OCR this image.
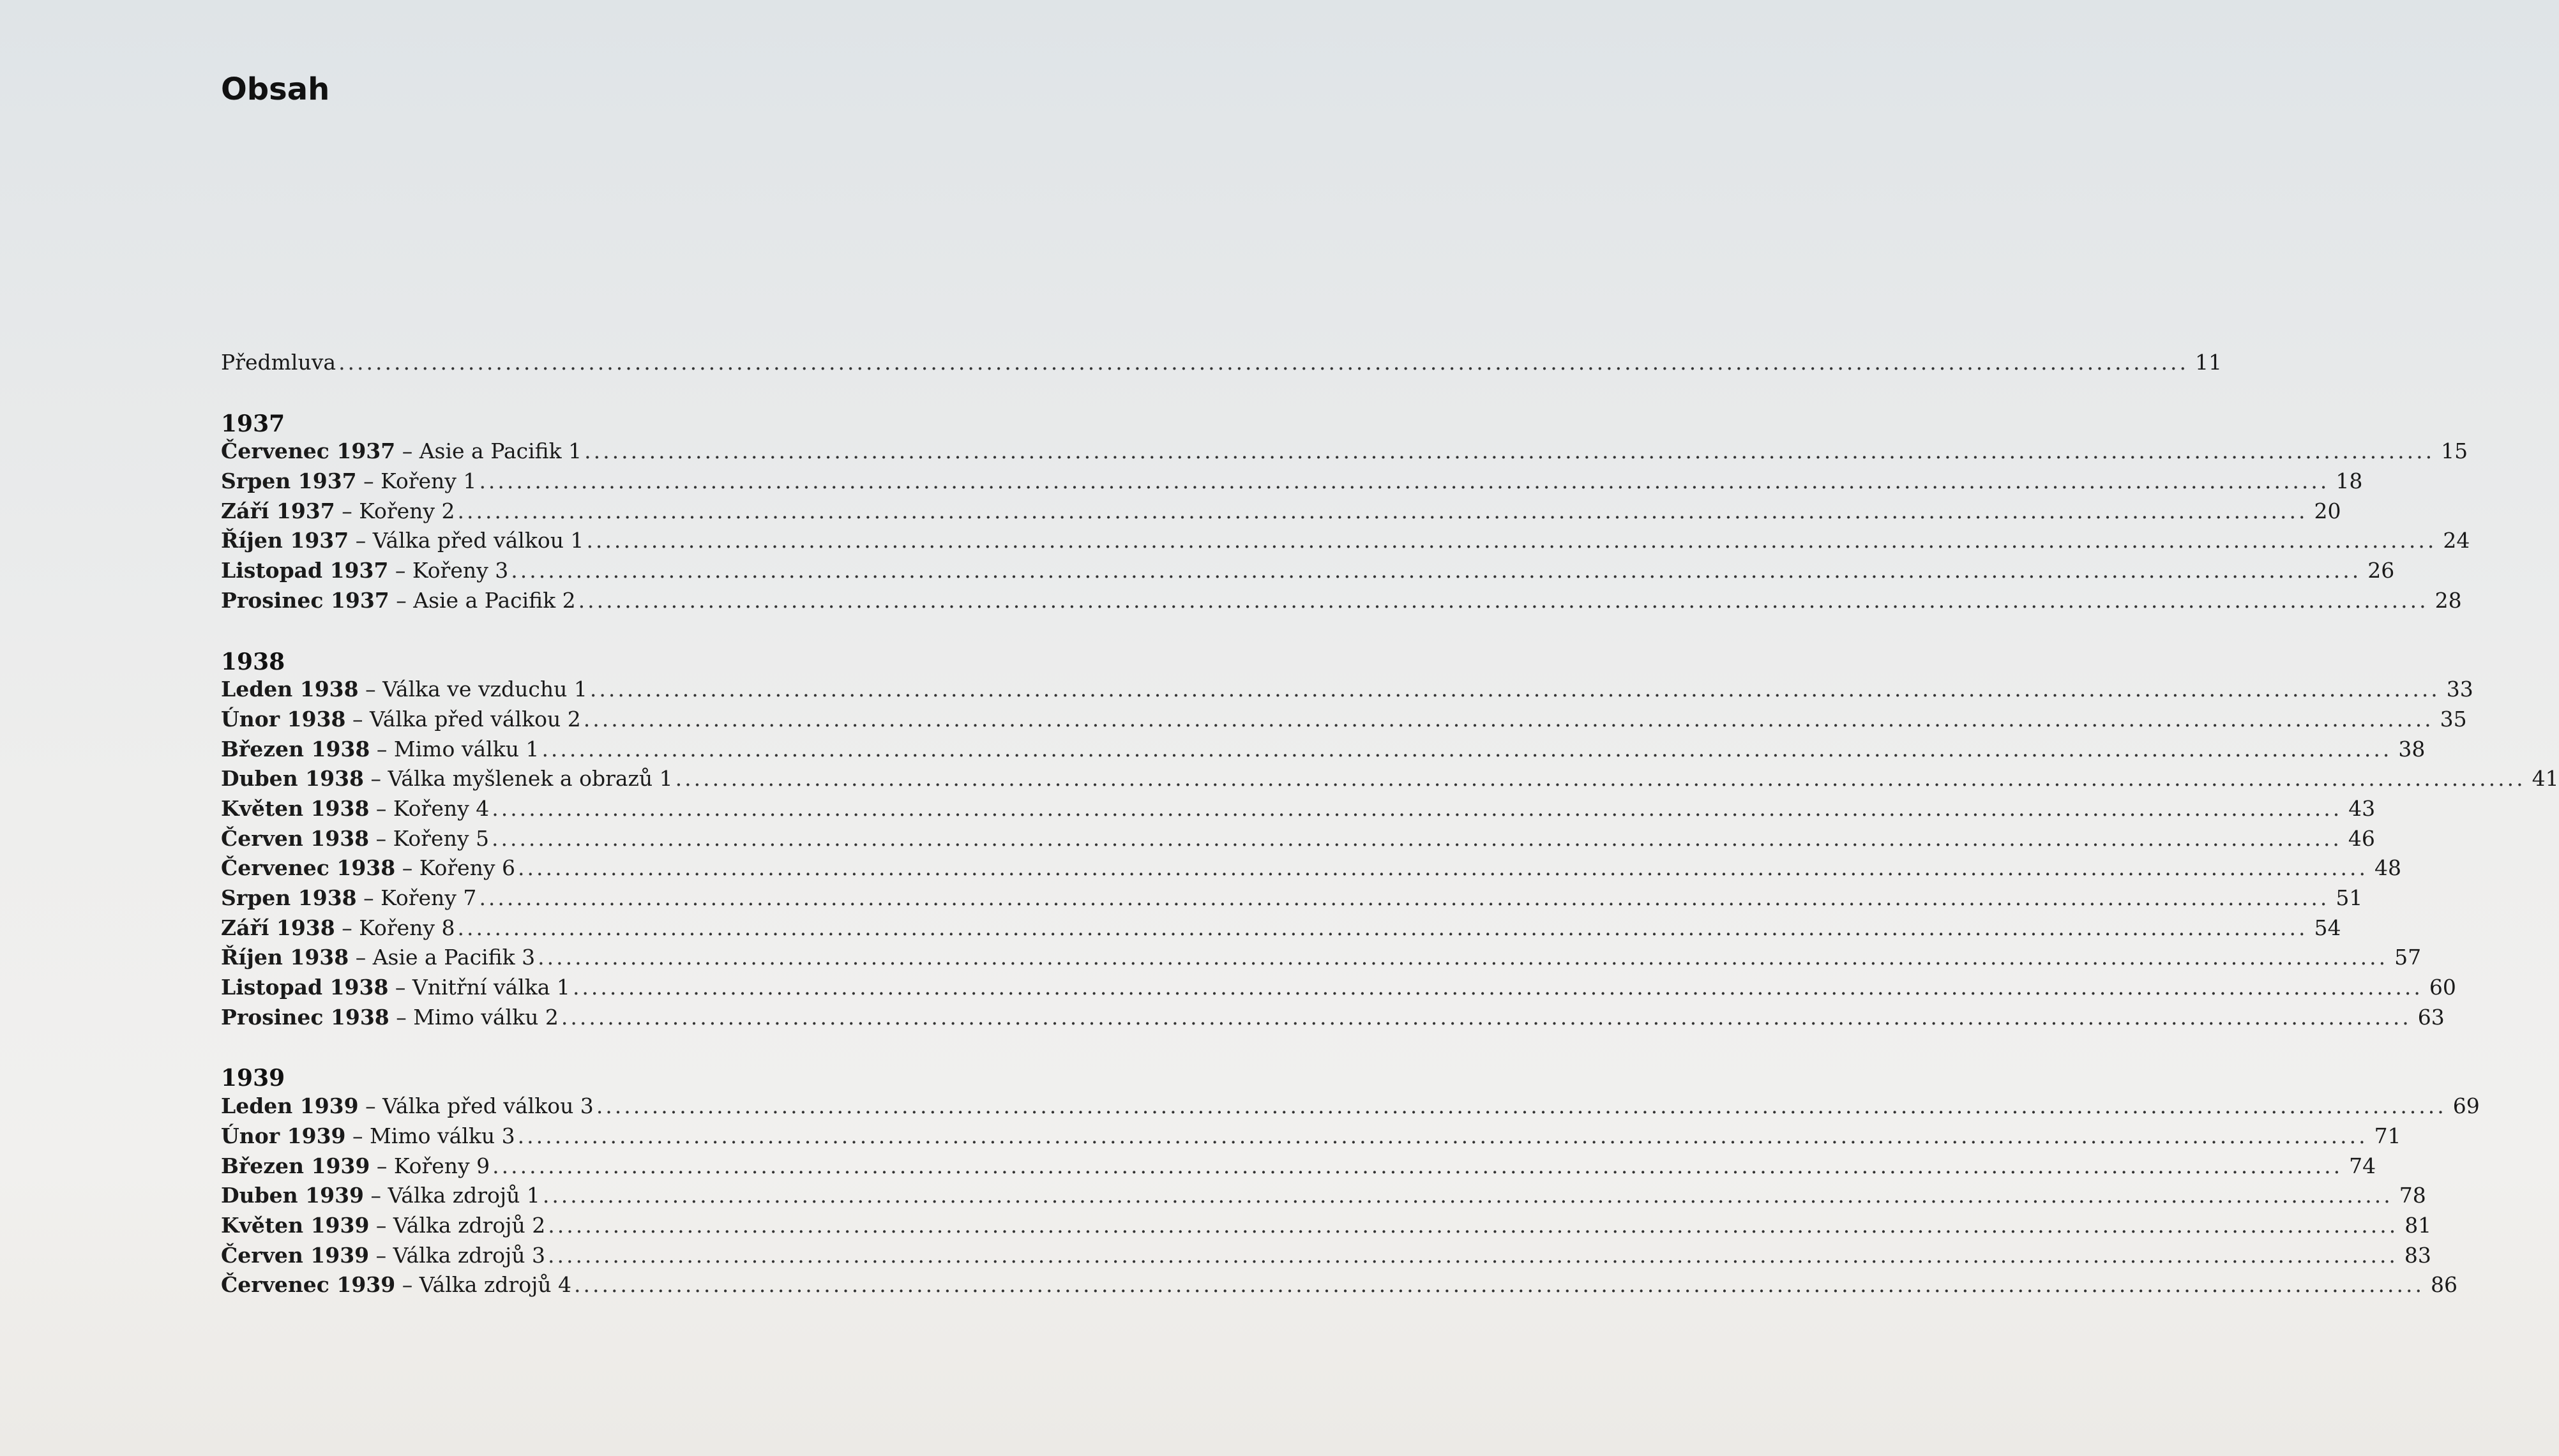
Obsah
Předmluva ........................................................................................................................................................................................................ 11
1937
Červenec 1937 – Asie a Pacifik 1 ........................................................................................................................................................................................................ 15
Srpen 1937 – Kořeny 1 ........................................................................................................................................................................................................ 18
Září 1937 – Kořeny 2 ........................................................................................................................................................................................................ 20
Říjen 1937 – Válka před válkou 1 ........................................................................................................................................................................................................ 24
Listopad 1937 – Kořeny 3 ........................................................................................................................................................................................................ 26
Prosinec 1937 – Asie a Pacifik 2 ........................................................................................................................................................................................................ 28
1938
Leden 1938 – Válka ve vzduchu 1 ........................................................................................................................................................................................................ 33
Únor 1938 – Válka před válkou 2 ........................................................................................................................................................................................................ 35
Březen 1938 – Mimo válku 1 ........................................................................................................................................................................................................ 38
Duben 1938 – Válka myšlenek a obrazů 1 ........................................................................................................................................................................................................ 41
Květen 1938 – Kořeny 4 ........................................................................................................................................................................................................ 43
Červen 1938 – Kořeny 5 ........................................................................................................................................................................................................ 46
Červenec 1938 – Kořeny 6 ........................................................................................................................................................................................................ 48
Srpen 1938 – Kořeny 7 ........................................................................................................................................................................................................ 51
Září 1938 – Kořeny 8 ........................................................................................................................................................................................................ 54
Říjen 1938 – Asie a Pacifik 3 ........................................................................................................................................................................................................ 57
Listopad 1938 – Vnitřní válka 1 ........................................................................................................................................................................................................ 60
Prosinec 1938 – Mimo válku 2 ........................................................................................................................................................................................................ 63
1939
Leden 1939 – Válka před válkou 3 ........................................................................................................................................................................................................ 69
Únor 1939 – Mimo válku 3 ........................................................................................................................................................................................................ 71
Březen 1939 – Kořeny 9 ........................................................................................................................................................................................................ 74
Duben 1939 – Válka zdrojů 1 ........................................................................................................................................................................................................ 78
Květen 1939 – Válka zdrojů 2 ........................................................................................................................................................................................................ 81
Červen 1939 – Válka zdrojů 3 ........................................................................................................................................................................................................ 83
Červenec 1939 – Válka zdrojů 4 ........................................................................................................................................................................................................ 86
